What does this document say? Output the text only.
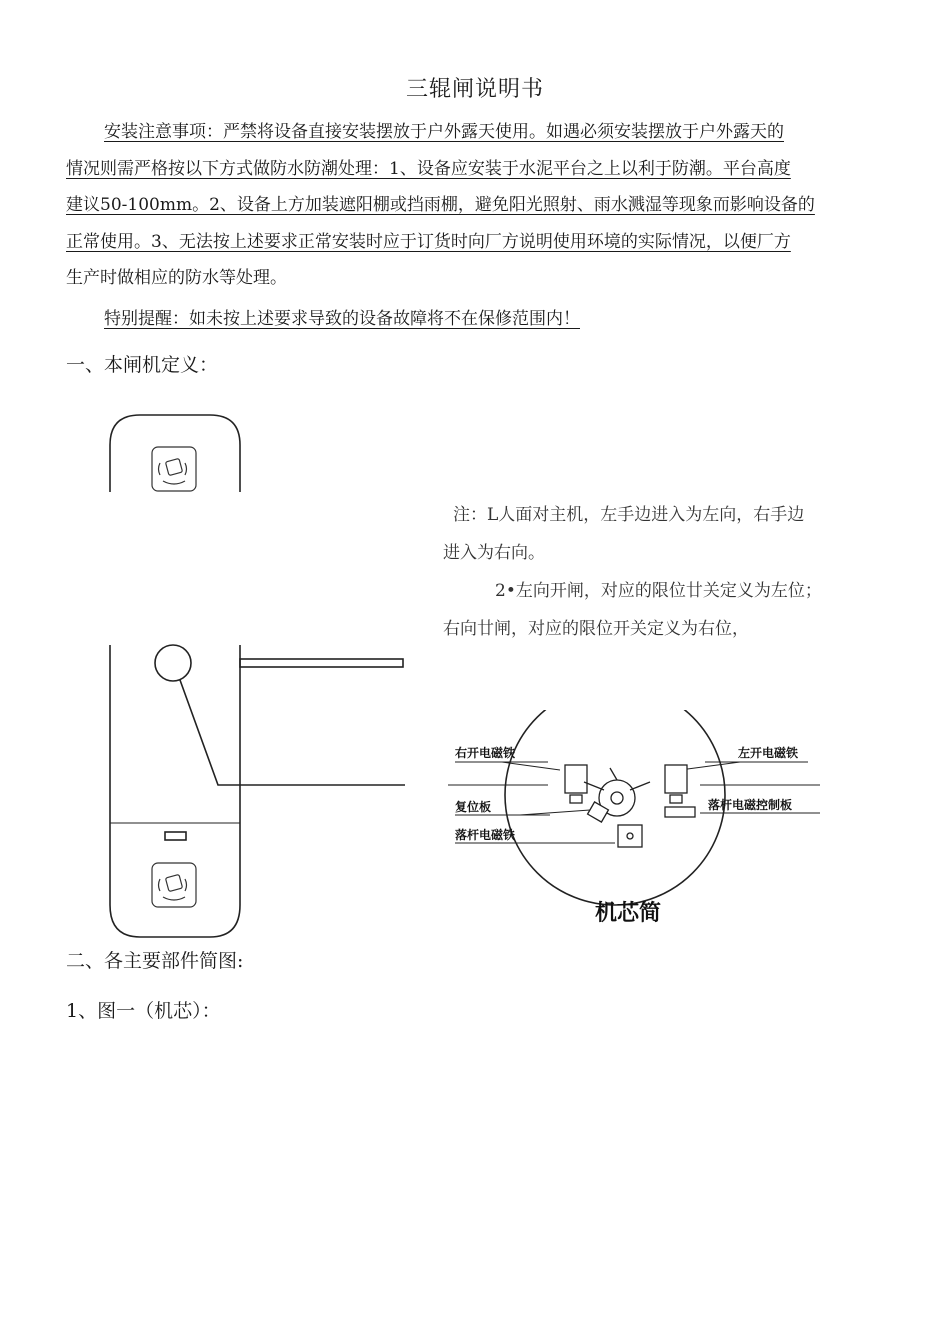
三辊闸说明书
安装注意事项：严禁将设备直接安装摆放于户外露天使用。如遇必须安装摆放于户外露天的
情况则需严格按以下方式做防水防潮处理：1、设备应安装于水泥平台之上以利于防潮。平台高度
建议50-100mm。2、设备上方加装遮阳棚或挡雨棚，避免阳光照射、雨水溅湿等现象而影响设备的
正常使用。3、无法按上述要求正常安装时应于订货时向厂方说明使用环境的实际情况，以便厂方
生产时做相应的防水等处理。
特别提醒：如未按上述要求导致的设备故障将不在保修范围内！
一、本闸机定义：
注：L人面对主机，左手边进入为左向，右手边
进入为右向。
2•左向开闸，对应的限位廿关定义为左位；
右向廿闸，对应的限位开关定义为右位，
右开电磁铁	左开电磁铁
复位板
落杆电磁铁
落杆电磁控制板
机芯简
二、各主要部件简图:
1、图一（机芯）：
